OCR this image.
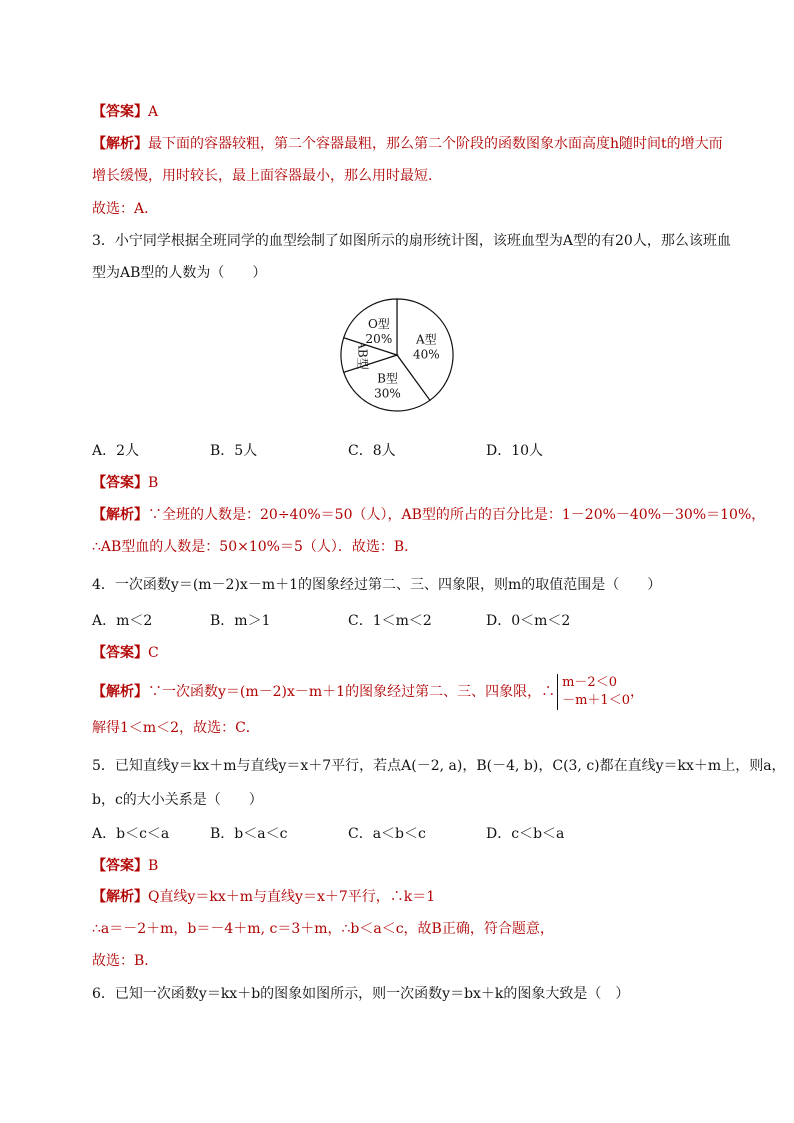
【答案】A
【解析】最下面的容器较粗，第二个容器最粗，那么第二个阶段的函数图象水面高度h随时间t的增大而
增长缓慢，用时较长，最上面容器最小，那么用时最短．
故选：A．
3．小宁同学根据全班同学的血型绘制了如图所示的扇形统计图，该班血型为A型的有20人，那么该班血
型为AB型的人数为（　　）
A型
40%
B型
30%
AB型
O型
20%
A．2人	B．5人	C．8人	D．10人
【答案】B
【解析】∵全班的人数是：20÷40%＝50（人），AB型的所占的百分比是：1－20%－40%－30%＝10%，
∴AB型血的人数是：50×10%＝5（人）．故选：B．
4．一次函数y＝(m－2)x－m＋1的图象经过第二、三、四象限，则m的取值范围是（　　）
A．m＜2	B．m＞1	C．1＜m＜2	D．0＜m＜2
【答案】C
【解析】∵一次函数y＝(m－2)x－m＋1的图象经过第二、三、四象限，∴m－2＜0
－m＋1＜0，
解得1＜m＜2，故选：C．
5．已知直线y＝kx＋m与直线y＝x＋7平行，若点A(－2, a)，B(－4, b)，C(3, c)都在直线y＝kx＋m上，则a，
b，c的大小关系是（　　）
A．b＜c＜a	B．b＜a＜c	C．a＜b＜c	D．c＜b＜a
【答案】B
【解析】Q直线y＝kx＋m与直线y＝x＋7平行，∴k＝1
∴a＝－2＋m，b＝－4＋m, c＝3＋m，∴b＜a＜c，故B正确，符合题意，
故选：B．
6．已知一次函数y＝kx＋b的图象如图所示，则一次函数y＝bx＋k的图象大致是（　）
